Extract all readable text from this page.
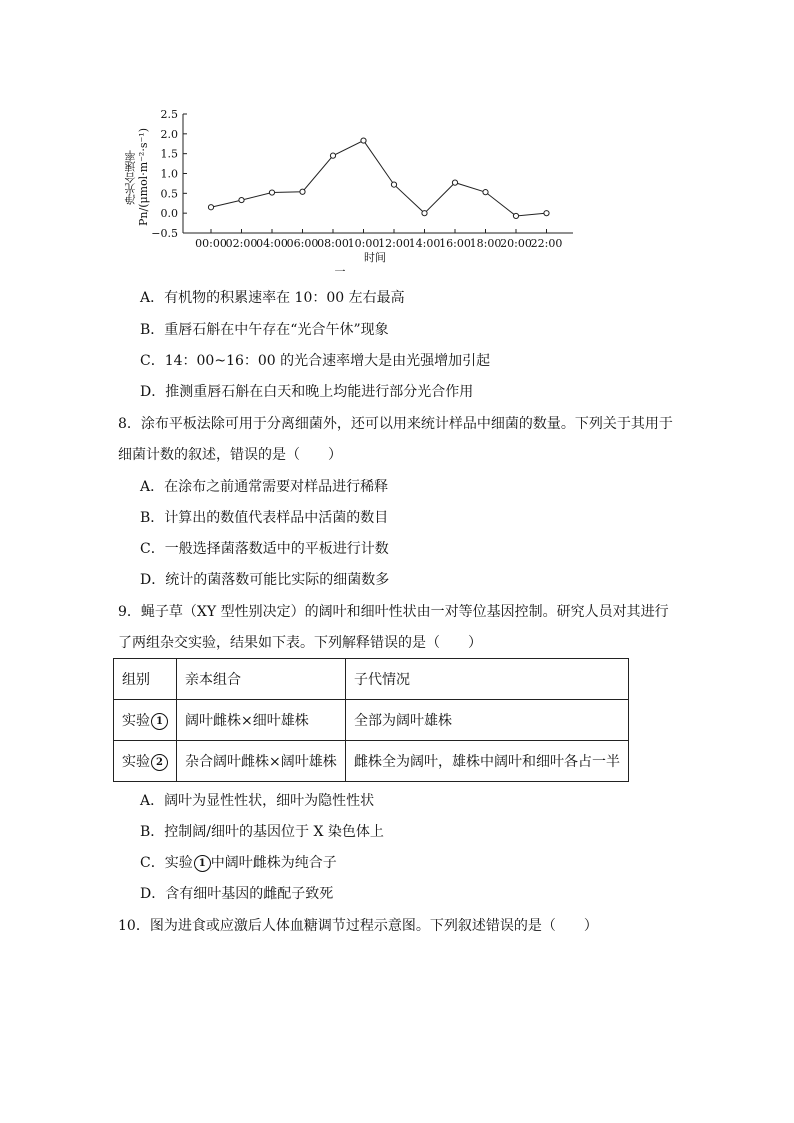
2.5
2.0
1.5
1.0
0.5
0.0
−0.5
00:00
02:00
04:00
06:00
08:00
10:00
12:00
14:00
16:00
18:00
20:00
22:00
时间
一
净光合速率 Pn/(μmol·m⁻²·s⁻¹)
A．有机物的积累速率在 10：00 左右最高
B．重唇石斛在中午存在“光合午休”现象
C．14：00~16：00 的光合速率增大是由光强增加引起
D．推测重唇石斛在白天和晚上均能进行部分光合作用
8．涂布平板法除可用于分离细菌外，还可以用来统计样品中细菌的数量。下列关于其用于
细菌计数的叙述，错误的是（　　）
A．在涂布之前通常需要对样品进行稀释
B．计算出的数值代表样品中活菌的数目
C．一般选择菌落数适中的平板进行计数
D．统计的菌落数可能比实际的细菌数多
9．蝇子草（XY 型性别决定）的阔叶和细叶性状由一对等位基因控制。研究人员对其进行
了两组杂交实验，结果如下表。下列解释错误的是（　　）
组别	亲本组合	子代情况
实验 1	阔叶雌株×细叶雄株	全部为阔叶雄株
实验 2	杂合阔叶雌株×阔叶雄株	雌株全为阔叶，雄株中阔叶和细叶各占一半
A．阔叶为显性性状，细叶为隐性性状
B．控制阔/细叶的基因位于 X 染色体上
C．实验 1 中阔叶雌株为纯合子
D．含有细叶基因的雌配子致死
10．图为进食或应激后人体血糖调节过程示意图。下列叙述错误的是（　　）
